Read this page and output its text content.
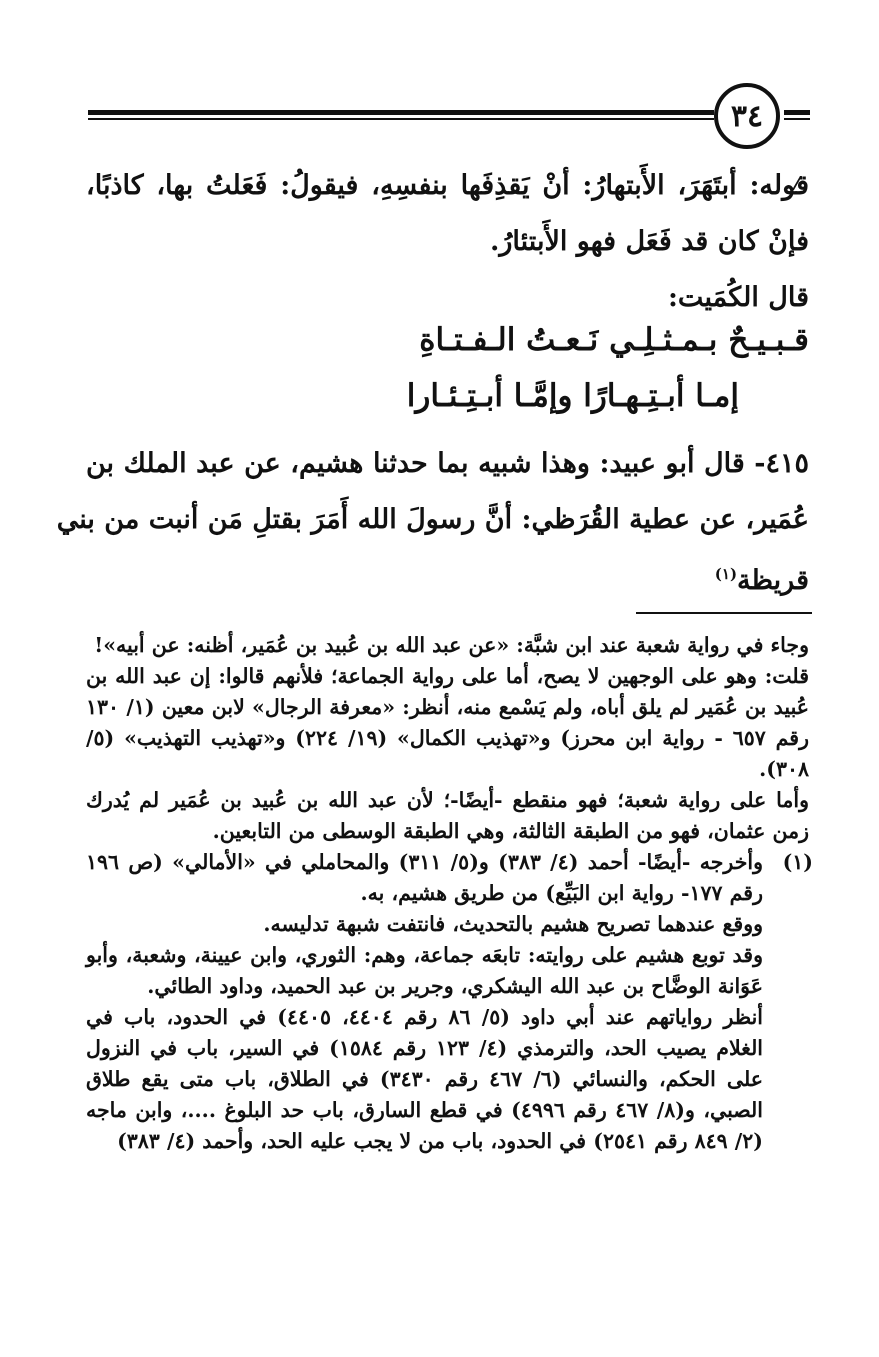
٣٤
قوله: أبتَهَرَ، الأَبتهارُ: أنْ يَقذِفَها بنفسِهِ، فيقولُ: فَعَلتُ بها، كاذبًا،
فإنْ كان قد فَعَل فهو الأَبتئارُ.
قال الكُمَيت:
قـبـيـحٌ بـمـثـلِـي نَـعـتُ الـفـتـاةِ
إمـا أبـتِـهـارًا وإمَّـا أبـتِـئـارا
٤١٥- قال أبو عبيد: وهذا شبيه بما حدثنا هشيم، عن عبد الملك بن
عُمَير، عن عطية القُرَظي: أنَّ رسولَ الله أَمَرَ بقتلِ مَن أنبت من بني
قريظة$^{(١)}$

وجاء في رواية شعبة عند ابن شبَّة: «عن عبد الله بن عُبيد بن عُمَير، أظنه: عن أبيه»!

قلت: وهو على الوجهين لا يصح، أما على رواية الجماعة؛ فلأنهم قالوا: إن عبد الله بن عُبيد بن عُمَير لم يلق أباه، ولم يَسْمع منه، أنظر: «معرفة الرجال» لابن معين (١/ ١٣٠ رقم ٦٥٧ - رواية ابن محرز) و«تهذيب الكمال» (١٩/ ٢٢٤) و«تهذيب التهذيب» (٥/ ٣٠٨).

وأما على رواية شعبة؛ فهو منقطع -أيضًا-؛ لأن عبد الله بن عُبيد بن عُمَير لم يُدرك زمن عثمان، فهو من الطبقة الثالثة، وهي الطبقة الوسطى من التابعين.

(١)

وأخرجه -أيضًا- أحمد (٤/ ٣٨٣) و(٥/ ٣١١) والمحاملي في «الأمالي» (ص ١٩٦ رقم ١٧٧- رواية ابن البَيِّع) من طريق هشيم، به.

ووقع عندهما تصريح هشيم بالتحديث، فانتفت شبهة تدليسه.

وقد توبع هشيم على روايته: تابعَه جماعة، وهم: الثوري، وابن عيينة، وشعبة، وأبو عَوَانة الوضَّاح بن عبد الله اليشكري، وجرير بن عبد الحميد، وداود الطائي.

أنظر رواياتهم عند أبي داود (٥/ ٨٦ رقم ٤٤٠٤، ٤٤٠٥) في الحدود، باب في الغلام يصيب الحد، والترمذي (٤/ ١٢٣ رقم ١٥٨٤) في السير، باب في النزول على الحكم، والنسائي (٦/ ٤٦٧ رقم ٣٤٣٠) في الطلاق، باب متى يقع طلاق الصبي، و(٨/ ٤٦٧ رقم ٤٩٩٦) في قطع السارق، باب حد البلوغ ....، وابن ماجه (٢/ ٨٤٩ رقم ٢٥٤١) في الحدود، باب من لا يجب عليه الحد، وأحمد (٤/ ٣٨٣)
